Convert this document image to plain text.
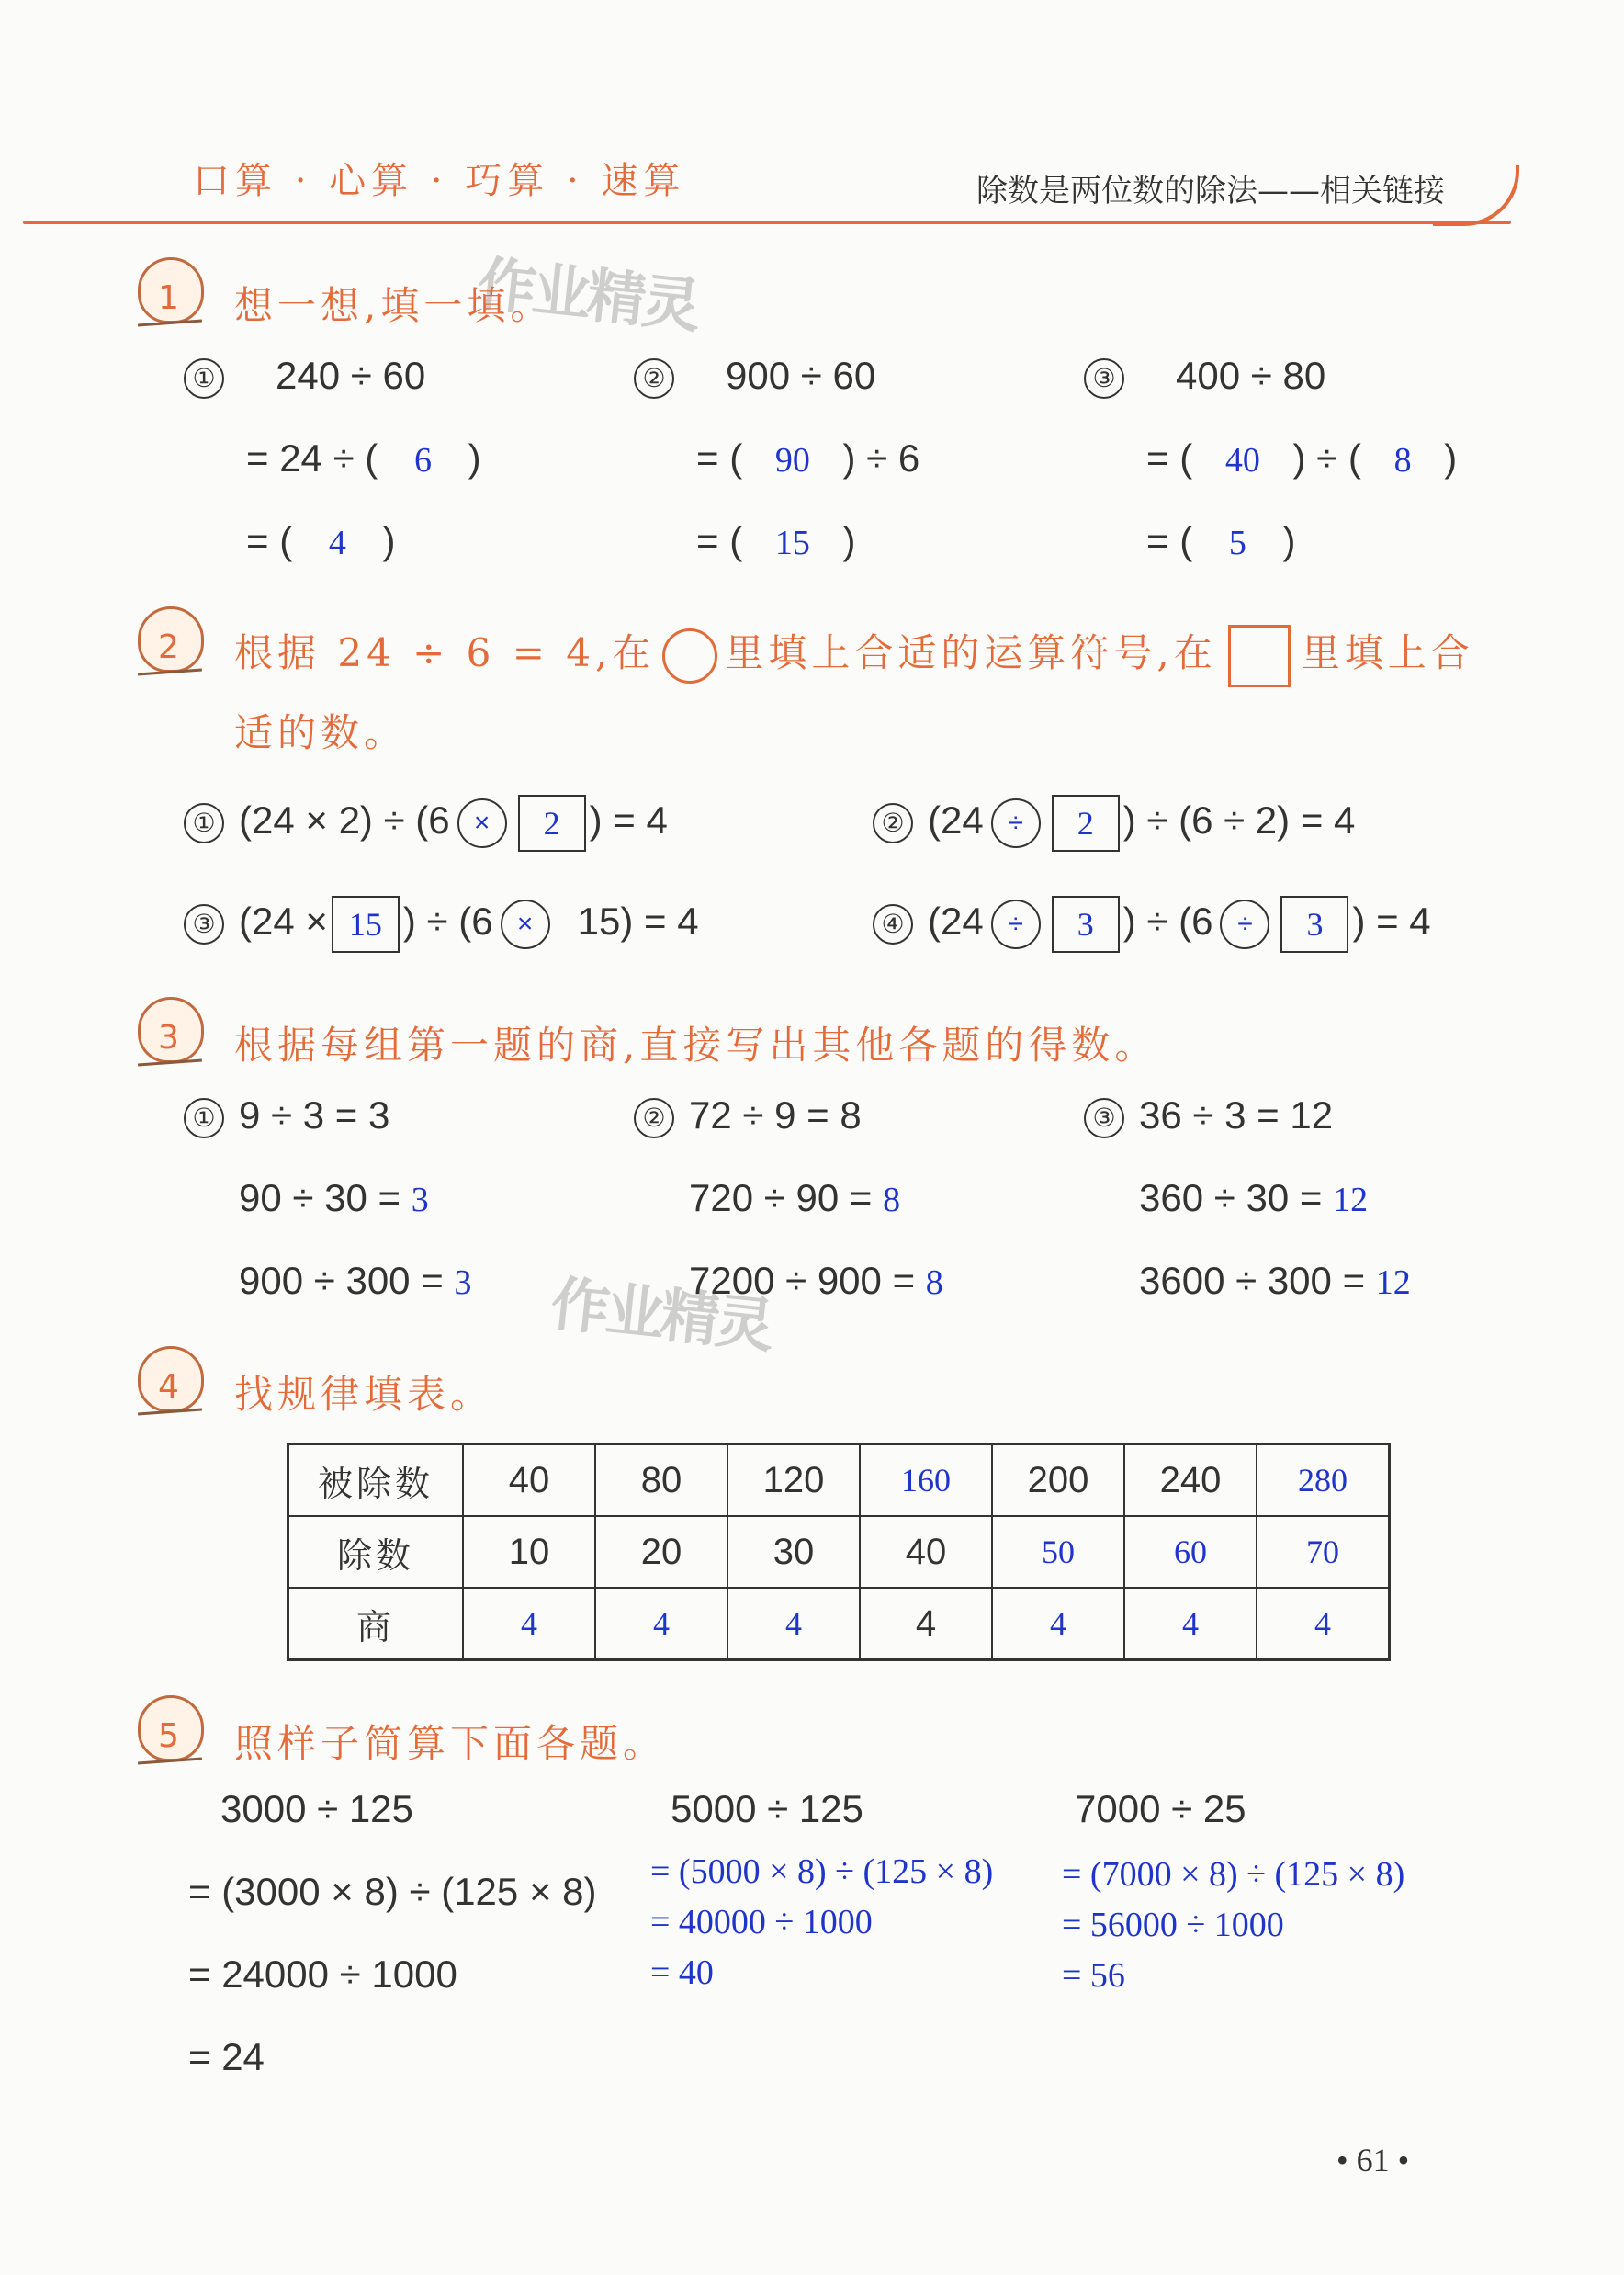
口算 · 心算 · 巧算 · 速算	除数是两位数的除法——相关链接
作业精灵
作业精灵
1 想一想,填一填。
① 240 ÷ 60
= 24 ÷ ( 6 )
= ( 4 )
② 900 ÷ 60
= ( 90 ) ÷ 6
= ( 15 )
③ 400 ÷ 80
= ( 40 ) ÷ ( 8 )
= ( 5 )
2 根据 24 ÷ 6 = 4,在 里填上合适的运算符号,在 里填上合
适的数。
① (24 × 2) ÷ (6 × 2 ) = 4	② (24 ÷ 2 ) ÷ (6 ÷ 2) = 4
③ (24 × 15 ) ÷ (6 × 15) = 4	④ (24 ÷ 3 ) ÷ (6 ÷ 3 ) = 4
3 根据每组第一题的商,直接写出其他各题的得数。
① 9 ÷ 3 = 3
90 ÷ 30 = 3
900 ÷ 300 = 3
② 72 ÷ 9 = 8
720 ÷ 90 = 8
7200 ÷ 900 = 8
③ 36 ÷ 3 = 12
360 ÷ 30 = 12
3600 ÷ 300 = 12
4 找规律填表。
被除数	40	80	120	160	200	240	280
除数	10	20	30	40	50	60	70
商	4	4	4	4	4	4	4
5 照样子简算下面各题。
3000 ÷ 125
= (3000 × 8) ÷ (125 × 8)
= 24000 ÷ 1000
= 24
5000 ÷ 125
= (5000 × 8) ÷ (125 × 8)
= 40000 ÷ 1000
= 40
7000 ÷ 25
= (7000 × 8) ÷ (125 × 8)
= 56000 ÷ 1000
= 56
• 61 •
